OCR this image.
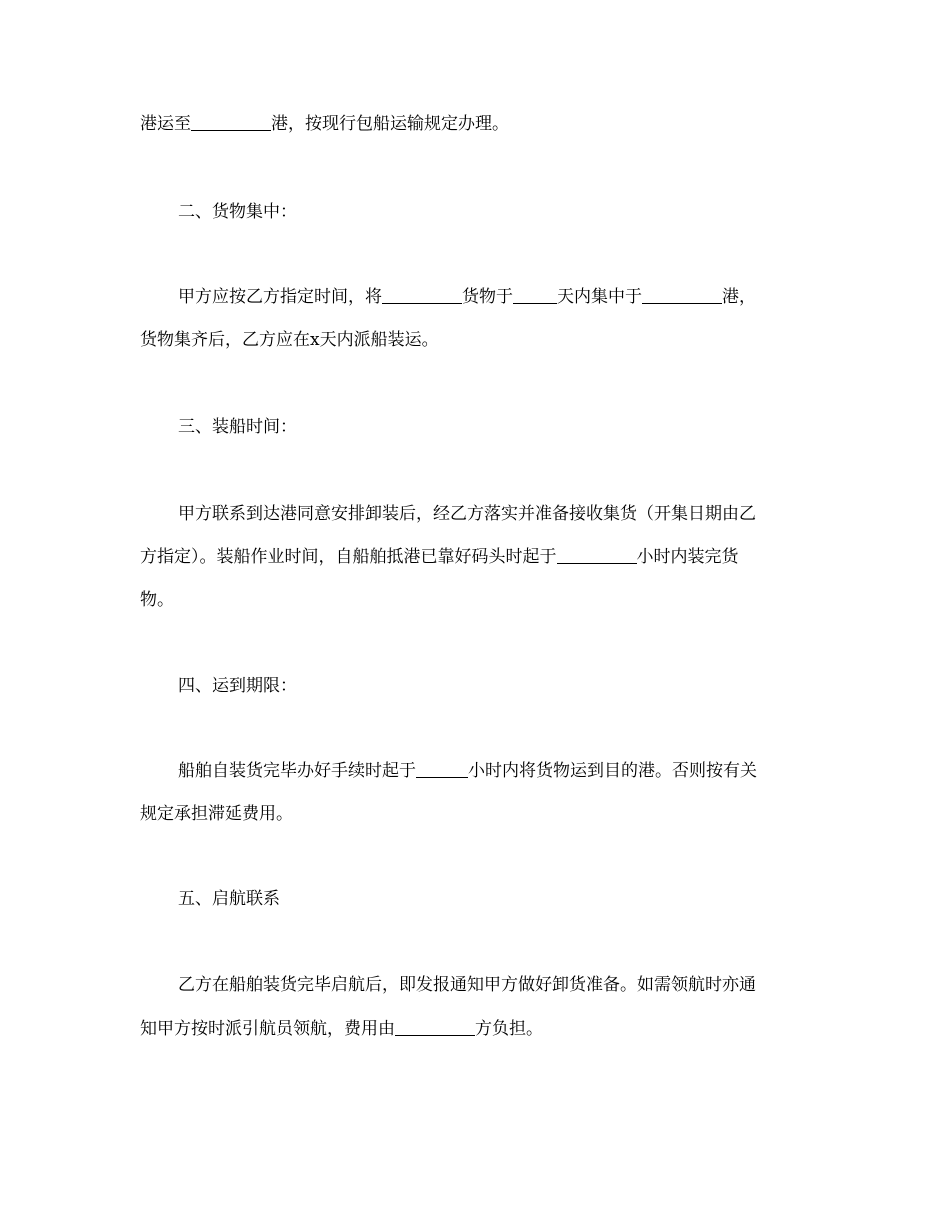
港运至	港，按现行包船运输规定办理。
二、货物集中：
甲方应按乙方指定时间，将	货物于	天内集中于	港，
货物集齐后，乙方应在x天内派船装运。
三、装船时间：
甲方联系到达港同意安排卸装后，经乙方落实并准备接收集货（开集日期由乙
方指定）。装船作业时间，自船舶抵港已靠好码头时起于	小时内装完货
物。
四、运到期限：
船舶自装货完毕办好手续时起于	小时内将货物运到目的港。否则按有关
规定承担滞延费用。
五、启航联系
乙方在船舶装货完毕启航后，即发报通知甲方做好卸货准备。如需领航时亦通
知甲方按时派引航员领航，费用由	方负担。
